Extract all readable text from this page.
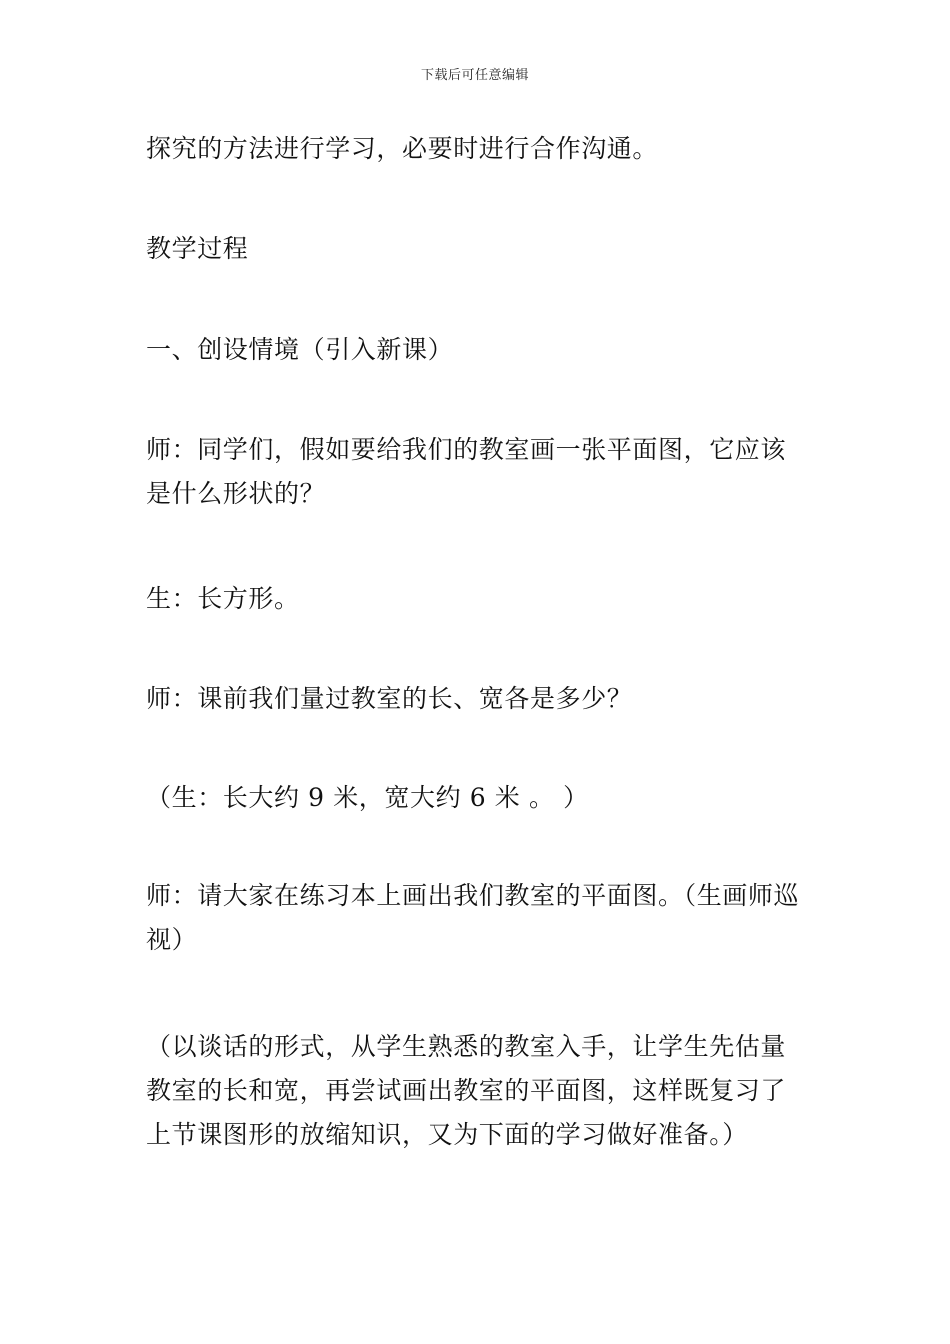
下载后可任意编辑

探究的方法进行学习，必要时进行合作沟通。

教学过程

一、创设情境（引入新课）

师：同学们，假如要给我们的教室画一张平面图，它应该是什么形状的？

生：长方形。

师：课前我们量过教室的长、宽各是多少？

（生：长大约 9 米，宽大约 6 米 。 ）

师：请大家在练习本上画出我们教室的平面图。（生画师巡视）

（以谈话的形式，从学生熟悉的教室入手，让学生先估量教室的长和宽，再尝试画出教室的平面图，这样既复习了上节课图形的放缩知识，又为下面的学习做好准备。）
